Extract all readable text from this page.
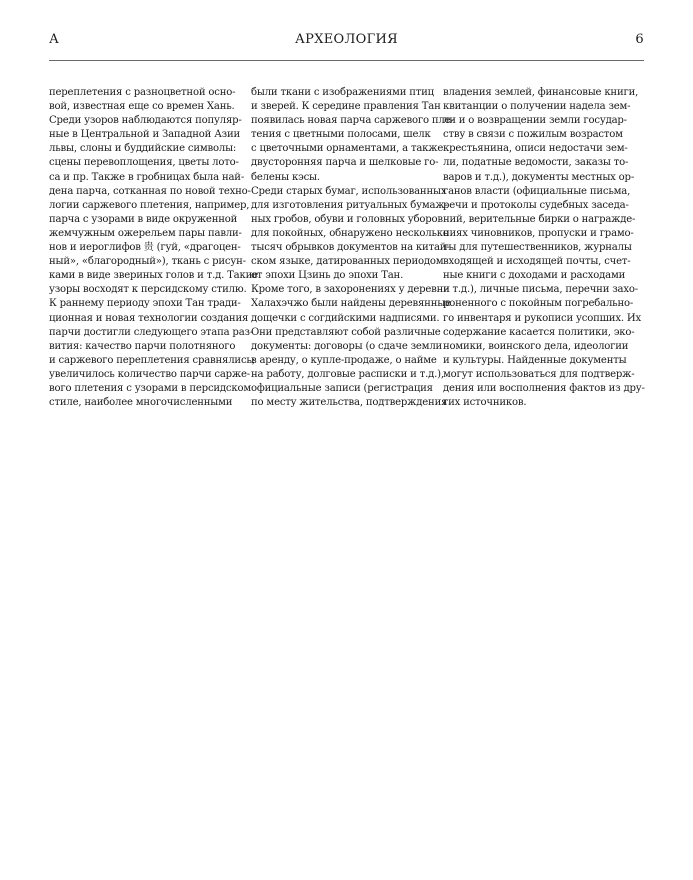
А	АРХЕОЛОГИЯ	6
переплетения с разноцветной осно-
вой, известная еще со времен Хань.
Среди узоров наблюдаются популяр-
ные в Центральной и Западной Азии
львы, слоны и буддийские символы:
сцены перевоплощения, цветы лото-
са и пр. Также в гробницах была най-
дена парча, сотканная по новой техно-
логии саржевого плетения, например,
парча с узорами в виде окруженной
жемчужным ожерельем пары павли-
нов и иероглифов 贵 (гуй, «драгоцен-
ный», «благородный»), ткань с рисун-
ками в виде звериных голов и т.д. Такие
узоры восходят к персидскому стилю.
К раннему периоду эпохи Тан тради-
ционная и новая технологии создания
парчи достигли следующего этапа раз-
вития: качество парчи полотняного
и саржевого переплетения сравнялись;
увеличилось количество парчи сарже-
вого плетения с узорами в персидском
стиле, наиболее многочисленными
были ткани с изображениями птиц
и зверей. К середине правления Тан
появилась новая парча саржевого пле-
тения с цветными полосами, шелк
с цветочными орнаментами, а также
двусторонняя парча и шелковые го-
белены кэсы.
Среди старых бумаг, использованных
для изготовления ритуальных бумаж-
ных гробов, обуви и головных уборов
для покойных, обнаружено несколько
тысяч обрывков документов на китай-
ском языке, датированных периодом
от эпохи Цзинь до эпохи Тан.
Кроме того, в захоронениях у деревни
Халахэчжо были найдены деревянные
дощечки с согдийскими надписями.
Они представляют собой различные
документы: договоры (о сдаче земли
в аренду, о купле-продаже, о найме
на работу, долговые расписки и т.д.),
официальные записи (регистрация
по месту жительства, подтверждения
владения землей, финансовые книги,
квитанции о получении надела зем-
ли и о возвращении земли государ-
ству в связи с пожилым возрастом
крестьянина, описи недостачи зем-
ли, податные ведомости, заказы то-
варов и т.д.), документы местных ор-
ганов власти (официальные письма,
речи и протоколы судебных заседа-
ний, верительные бирки о награжде-
ниях чиновников, пропуски и грамо-
ты для путешественников, журналы
входящей и исходящей почты, счет-
ные книги с доходами и расходами
и т.д.), личные письма, перечни захо-
роненного с покойным погребально-
го инвентаря и рукописи усопших. Их
содержание касается политики, эко-
номики, воинского дела, идеологии
и культуры. Найденные документы
могут использоваться для подтверж-
дения или восполнения фактов из дру-
гих источников.
